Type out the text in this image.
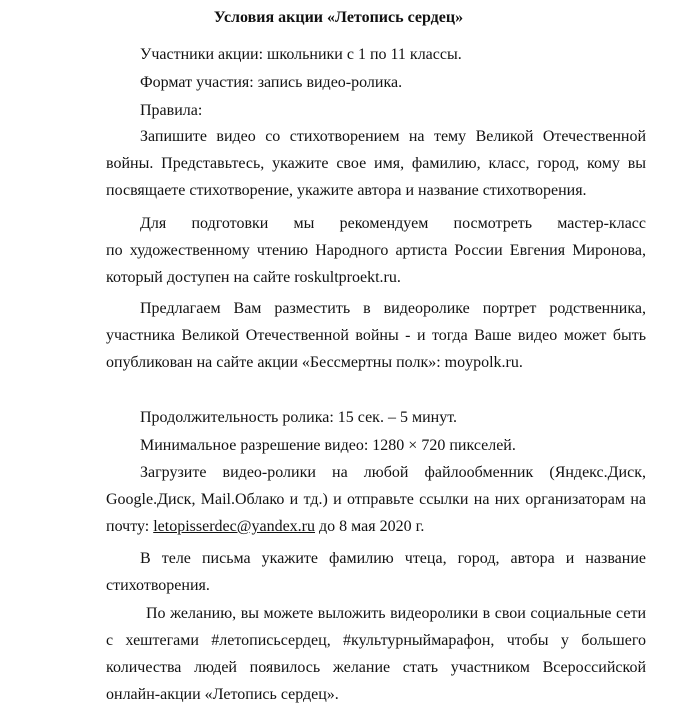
Условия акции «Летопись сердец»
Участники акции: школьники с 1 по 11 классы.
Формат участия: запись видео-ролика.
Правила:
Запишите видео со стихотворением на тему Великой Отечественной
войны. Представьтесь, укажите свое имя, фамилию, класс, город, кому вы
посвящаете стихотворение, укажите автора и название стихотворения.
Для подготовки мы рекомендуем посмотреть мастер-класс
по художественному чтению Народного артиста России Евгения Миронова,
который доступен на сайте roskultproekt.ru.
Предлагаем Вам разместить в видеоролике портрет родственника,
участника Великой Отечественной войны - и тогда Ваше видео может быть
опубликован на сайте акции «Бессмертны полк»: moypolk.ru.
Продолжительность ролика: 15 сек. – 5 минут.
Минимальное разрешение видео: 1280 × 720 пикселей.
Загрузите видео-ролики на любой файлообменник (Яндекс.Диск,
Google.Диск, Mail.Облако и тд.) и отправьте ссылки на них организаторам на
почту: letopisserdec@yandex.ru до 8 мая 2020 г.
В теле письма укажите фамилию чтеца, город, автора и название
стихотворения.
По желанию, вы можете выложить видеоролики в свои социальные сети
с хештегами #летописьсердец, #культурныймарафон, чтобы у большего
количества людей появилось желание стать участником Всероссийской
онлайн-акции «Летопись сердец».
